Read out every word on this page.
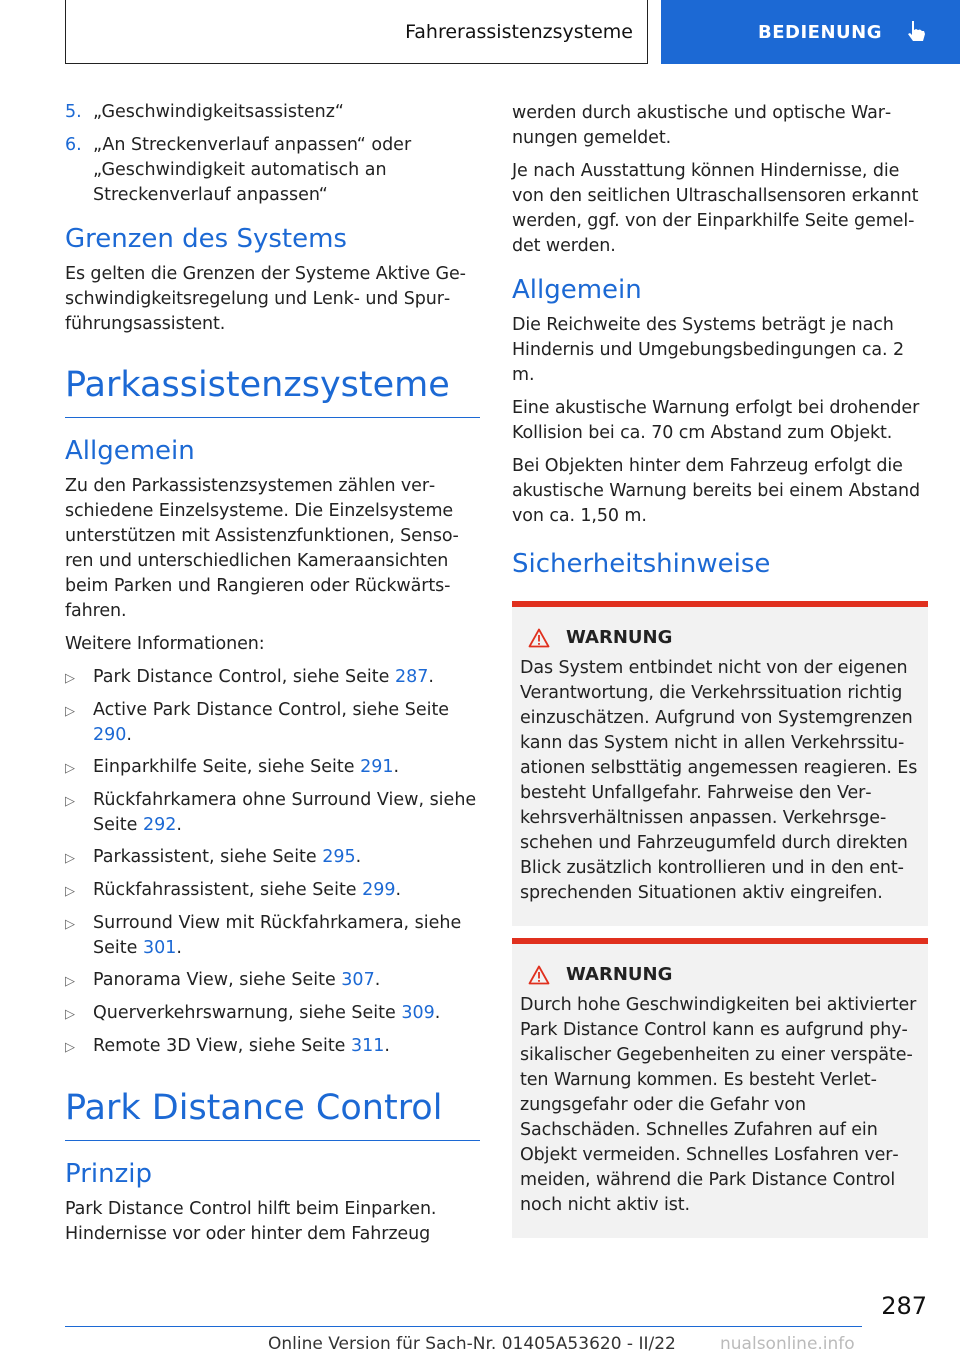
Fahrerassistenzsysteme	BEDIENUNG
5. „Geschwindigkeitsassistenz“
6. „An Streckenverlauf anpassen“ oder „Geschwindigkeit automatisch an Streckenverlauf anpassen“
Grenzen des Systems

Es gelten die Grenzen der Systeme Aktive Geschwindigkeitsregelung und Lenk- und Spurführungsassistent.

Parkassistenzsysteme
Allgemein

Zu den Parkassistenzsystemen zählen verschiedene Einzelsysteme. Die Einzelsysteme unterstützen mit Assistenzfunktionen, Sensoren und unterschiedlichen Kameraansichten beim Parken und Rangieren oder Rückwärtsfahren.

Weitere Informationen:

▷	Park Distance Control, siehe Seite 287.
▷	Active Park Distance Control, siehe Seite 290.
▷	Einparkhilfe Seite, siehe Seite 291.
▷	Rückfahrkamera ohne Surround View, siehe Seite 292.
▷	Parkassistent, siehe Seite 295.
▷	Rückfahrassistent, siehe Seite 299.
▷	Surround View mit Rückfahrkamera, siehe Seite 301.
▷	Panorama View, siehe Seite 307.
▷	Querverkehrswarnung, siehe Seite 309.
▷	Remote 3D View, siehe Seite 311.
Park Distance Control
Prinzip

Park Distance Control hilft beim Einparken. Hindernisse vor oder hinter dem Fahrzeug

werden durch akustische und optische Warnungen gemeldet.

Je nach Ausstattung können Hindernisse, die von den seitlichen Ultraschallsensoren erkannt werden, ggf. von der Einparkhilfe Seite gemeldet werden.

Allgemein

Die Reichweite des Systems beträgt je nach Hindernis und Umgebungsbedingungen ca. 2 m.

Eine akustische Warnung erfolgt bei drohender Kollision bei ca. 70 cm Abstand zum Objekt.

Bei Objekten hinter dem Fahrzeug erfolgt die akustische Warnung bereits bei einem Abstand von ca. 1,50 m.

Sicherheitshinweise
WARNUNG

Das System entbindet nicht von der eigenen Verantwortung, die Verkehrssituation richtig einzuschätzen. Aufgrund von Systemgrenzen kann das System nicht in allen Verkehrssituationen selbsttätig angemessen reagieren. Es besteht Unfallgefahr. Fahrweise den Verkehrsverhältnissen anpassen. Verkehrsgeschehen und Fahrzeugumfeld durch direkten Blick zusätzlich kontrollieren und in den entsprechenden Situationen aktiv eingreifen.

WARNUNG

Durch hohe Geschwindigkeiten bei aktivierter Park Distance Control kann es aufgrund physikalischer Gegebenheiten zu einer verspäteten Warnung kommen. Es besteht Verletzungsgefahr oder die Gefahr von Sachschäden. Schnelles Zufahren auf ein Objekt vermeiden. Schnelles Losfahren vermeiden, während die Park Distance Control noch nicht aktiv ist.

287
Online Version für Sach-Nr. 01405A53620 - II/22	nualsonline.info
